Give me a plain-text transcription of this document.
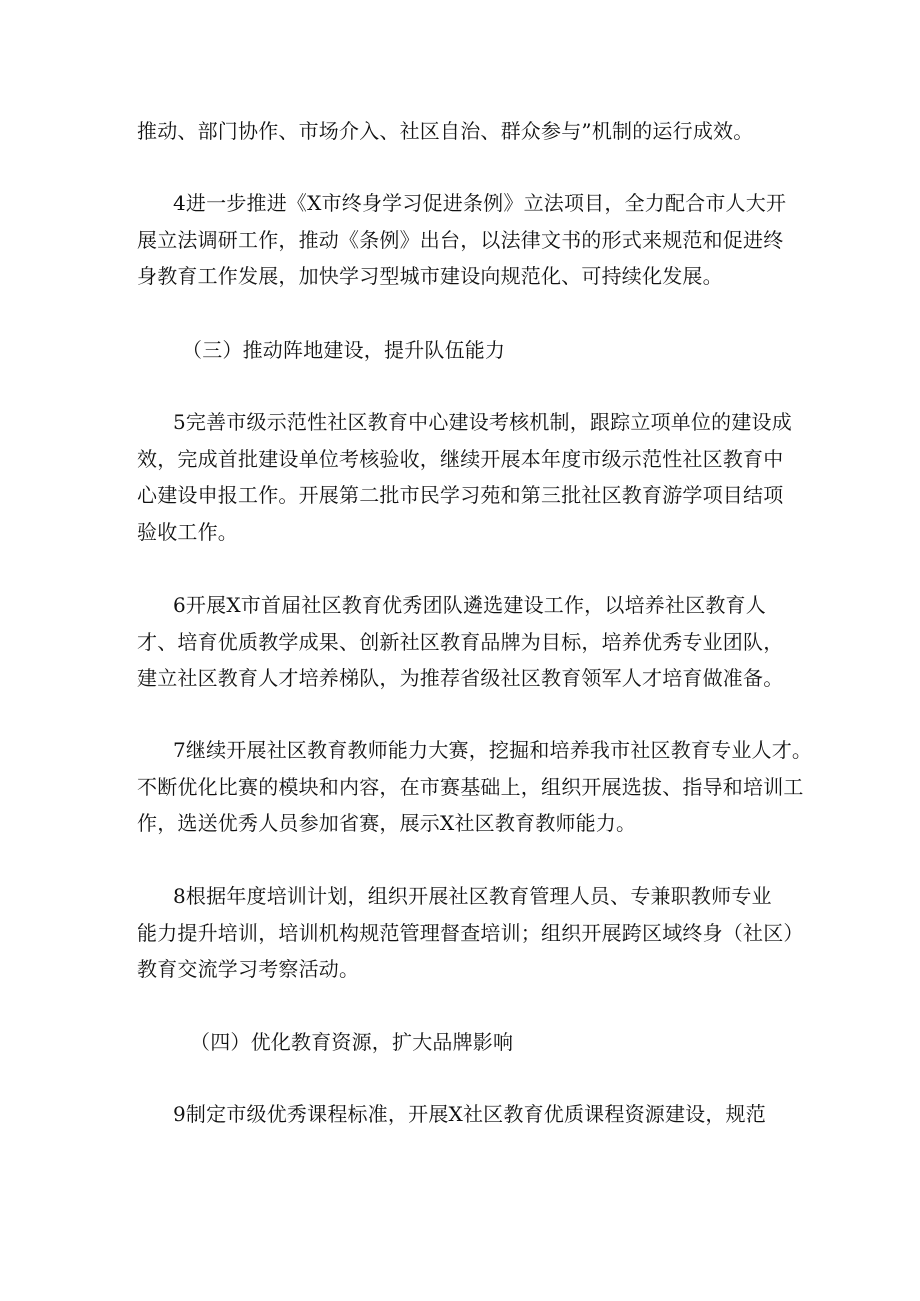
推动、部门协作、市场介入、社区自治、群众参与”机制的运行成效。

4进一步推进《X市终身学习促进条例》立法项目，全力配合市人大开
展立法调研工作，推动《条例》出台，以法律文书的形式来规范和促进终
身教育工作发展，加快学习型城市建设向规范化、可持续化发展。

（三）推动阵地建设，提升队伍能力

5完善市级示范性社区教育中心建设考核机制，跟踪立项单位的建设成
效，完成首批建设单位考核验收，继续开展本年度市级示范性社区教育中
心建设申报工作。开展第二批市民学习苑和第三批社区教育游学项目结项
验收工作。

6开展X市首届社区教育优秀团队遴选建设工作，以培养社区教育人
才、培育优质教学成果、创新社区教育品牌为目标，培养优秀专业团队，
建立社区教育人才培养梯队，为推荐省级社区教育领军人才培育做准备。

7继续开展社区教育教师能力大赛，挖掘和培养我市社区教育专业人才。
不断优化比赛的模块和内容，在市赛基础上，组织开展选拔、指导和培训工
作，选送优秀人员参加省赛，展示X社区教育教师能力。

8根据年度培训计划，组织开展社区教育管理人员、专兼职教师专业
能力提升培训，培训机构规范管理督查培训；组织开展跨区域终身（社区）
教育交流学习考察活动。

（四）优化教育资源，扩大品牌影响

9制定市级优秀课程标准，开展X社区教育优质课程资源建设，规范
